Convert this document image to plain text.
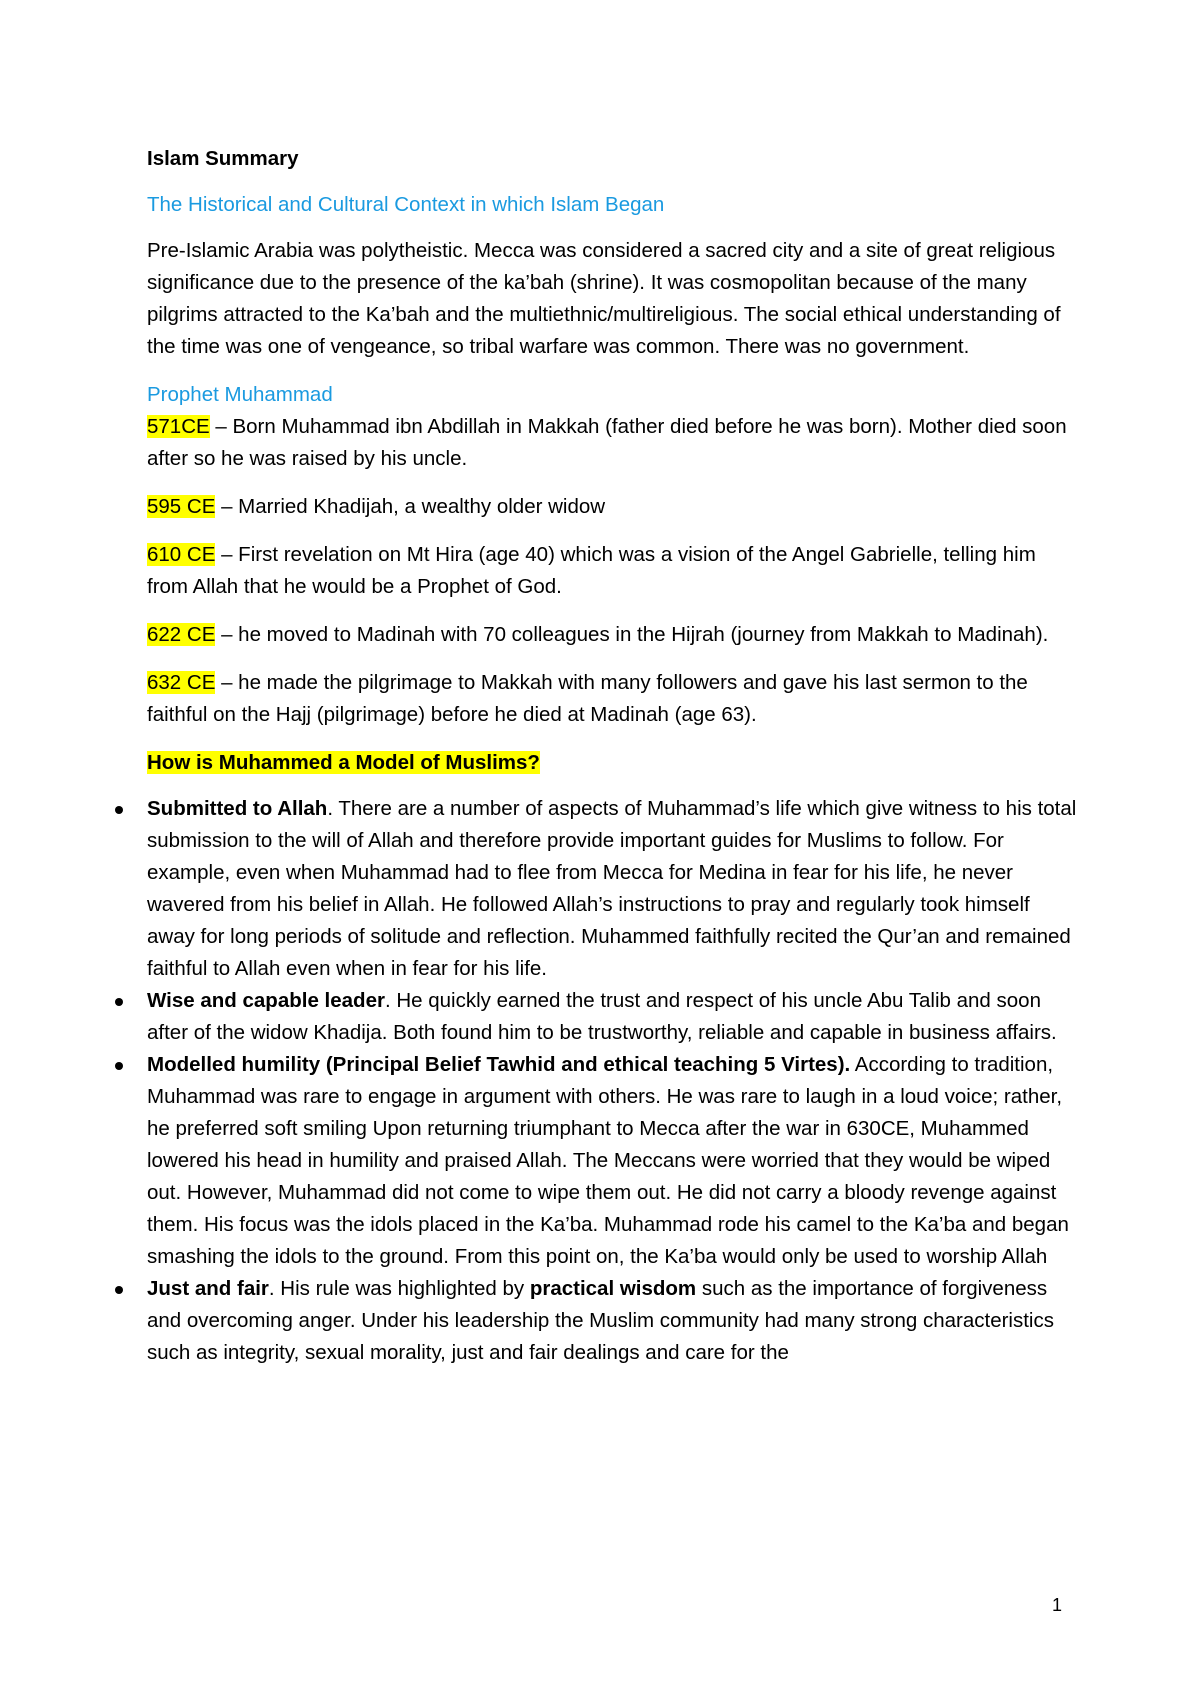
Islam Summary
The Historical and Cultural Context in which Islam Began

Pre-Islamic Arabia was polytheistic. Mecca was considered a sacred city and a site of great religious significance due to the presence of the ka’bah (shrine). It was cosmopolitan because of the many pilgrims attracted to the Ka’bah and the multiethnic/multireligious. The social ethical understanding of the time was one of vengeance, so tribal warfare was common. There was no government.

Prophet Muhammad
571CE – Born Muhammad ibn Abdillah in Makkah (father died before he was born). Mother died soon after so he was raised by his uncle.

595 CE – Married Khadijah, a wealthy older widow

610 CE – First revelation on Mt Hira (age 40) which was a vision of the Angel Gabrielle, telling him from Allah that he would be a Prophet of God.

622 CE – he moved to Madinah with 70 colleagues in the Hijrah (journey from Makkah to Madinah).

632 CE – he made the pilgrimage to Makkah with many followers and gave his last sermon to the faithful on the Hajj (pilgrimage) before he died at Madinah (age 63).

How is Muhammed a Model of Muslims?

Submitted to Allah. There are a number of aspects of Muhammad’s life which give witness to his total submission to the will of Allah and therefore provide important guides for Muslims to follow. For example, even when Muhammad had to flee from Mecca for Medina in fear for his life, he never wavered from his belief in Allah. He followed Allah’s instructions to pray and regularly took himself away for long periods of solitude and reflection. Muhammed faithfully recited the Qur’an and remained faithful to Allah even when in fear for his life.
Wise and capable leader. He quickly earned the trust and respect of his uncle Abu Talib and soon after of the widow Khadija. Both found him to be trustworthy, reliable and capable in business affairs.
Modelled humility (Principal Belief Tawhid and ethical teaching 5 Virtes). According to tradition, Muhammad was rare to engage in argument with others. He was rare to laugh in a loud voice; rather, he preferred soft smiling Upon returning triumphant to Mecca after the war in 630CE, Muhammed lowered his head in humility and praised Allah. The Meccans were worried that they would be wiped out. However, Muhammad did not come to wipe them out. He did not carry a bloody revenge against them. His focus was the idols placed in the Ka’ba. Muhammad rode his camel to the Ka’ba and began smashing the idols to the ground. From this point on, the Ka’ba would only be used to worship Allah
Just and fair. His rule was highlighted by practical wisdom such as the importance of forgiveness and overcoming anger. Under his leadership the Muslim community had many strong characteristics such as integrity, sexual morality, just and fair dealings and care for the
1
